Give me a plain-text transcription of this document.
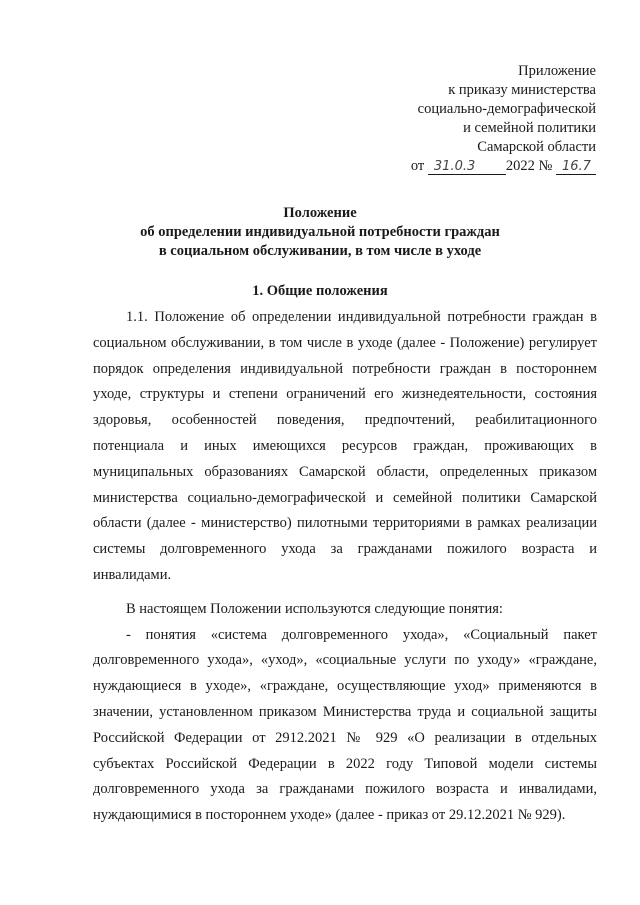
Приложение
к приказу министерства
социально-демографической
и семейной политики
Самарской области
от 31.0.3 2022 № 16.7
Положение
об определении индивидуальной потребности граждан
в социальном обслуживании, в том числе в уходе
1. Общие положения

1.1. Положение об определении индивидуальной потребности граждан в социальном обслуживании, в том числе в уходе (далее - Положение) регулирует порядок определения индивидуальной потребности граждан в постороннем уходе, структуры и степени ограничений его жизнедеятельности, состояния здоровья, особенностей поведения, предпочтений, реабилитационного потенциала и иных имеющихся ресурсов граждан, проживающих в муниципальных образованиях Самарской области, определенных приказом министерства социально-демографической и семейной политики Самарской области (далее - министерство) пилотными территориями в рамках реализации системы долговременного ухода за гражданами пожилого возраста и инвалидами.

В настоящем Положении используются следующие понятия:

- понятия «система долговременного ухода», «Социальный пакет долговременного ухода», «уход», «социальные услуги по уходу» «граждане, нуждающиеся в уходе», «граждане, осуществляющие уход» применяются в значении, установленном приказом Министерства труда и социальной защиты Российской Федерации от 2912.2021 № 929 «О реализации в отдельных субъектах Российской Федерации в 2022 году Типовой модели системы долговременного ухода за гражданами пожилого возраста и инвалидами, нуждающимися в постороннем уходе» (далее - приказ от 29.12.2021 № 929).
